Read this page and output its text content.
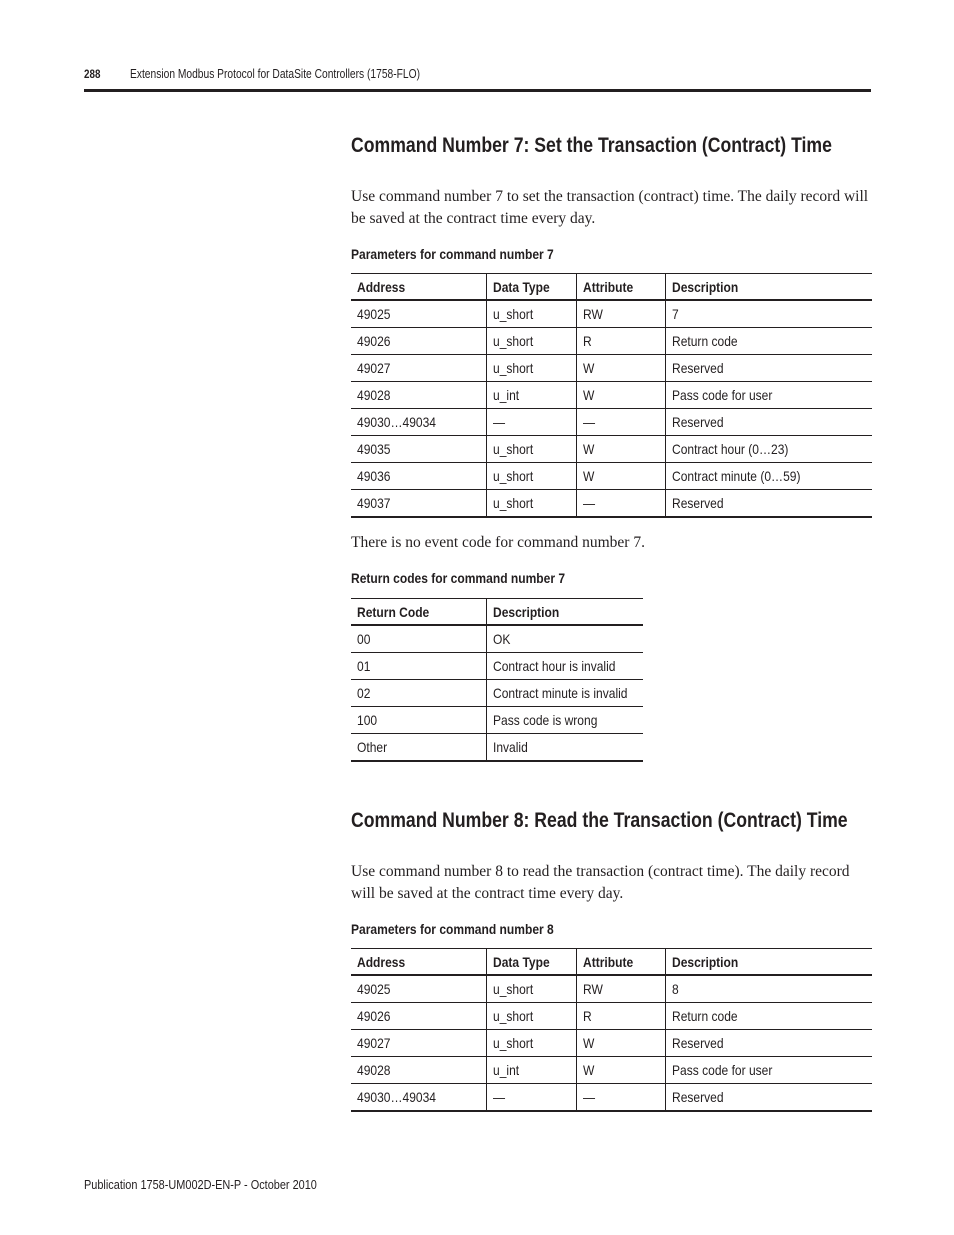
288 Extension Modbus Protocol for DataSite Controllers (1758-FLO)
Command Number 7: Set the Transaction (Contract) Time

Use command number 7 to set the transaction (contract) time. The daily record will be saved at the contract time every day.

Parameters for command number 7
Address	Data Type	Attribute	Description
49025	u_short	RW	7
49026	u_short	R	Return code
49027	u_short	W	Reserved
49028	u_int	W	Pass code for user
49030…49034	—	—	Reserved
49035	u_short	W	Contract hour (0…23)
49036	u_short	W	Contract minute (0…59)
49037	u_short	—	Reserved

There is no event code for command number 7.

Return codes for command number 7
Return Code	Description
00	OK
01	Contract hour is invalid
02	Contract minute is invalid
100	Pass code is wrong
Other	Invalid
Command Number 8: Read the Transaction (Contract) Time

Use command number 8 to read the transaction (contract time). The daily record will be saved at the contract time every day.

Parameters for command number 8
Address	Data Type	Attribute	Description
49025	u_short	RW	8
49026	u_short	R	Return code
49027	u_short	W	Reserved
49028	u_int	W	Pass code for user
49030…49034	—	—	Reserved
Publication 1758-UM002D-EN-P - October 2010
